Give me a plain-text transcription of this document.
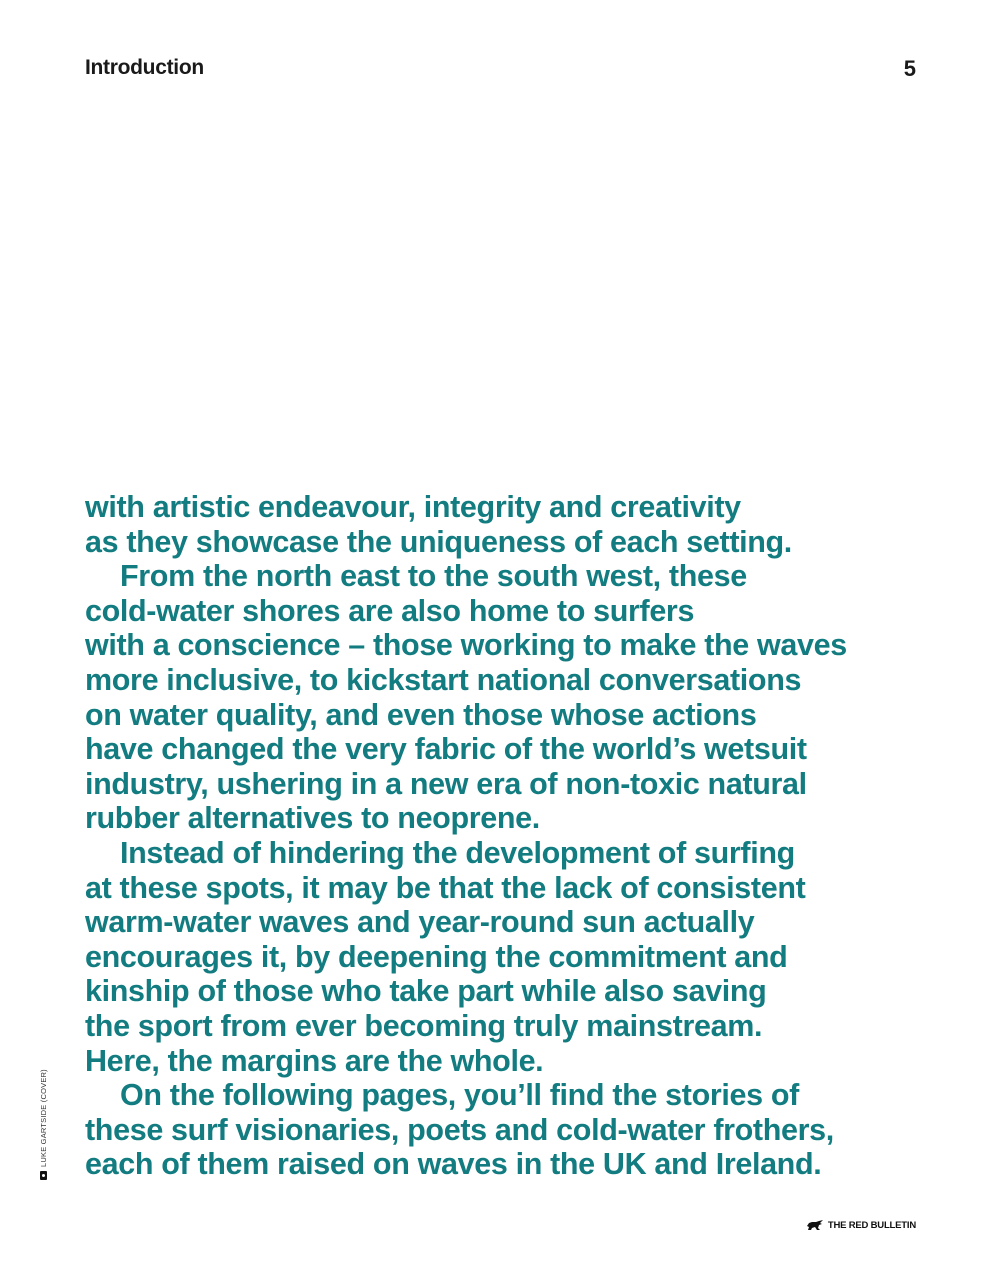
Introduction	5

with artistic endeavour, integrity and creativity
as they showcase the uniqueness of each setting.
From the north east to the south west, these
cold-water shores are also home to surfers
with a conscience – those working to make the waves
more inclusive, to kickstart national conversations
on water quality, and even those whose actions
have changed the very fabric of the world’s wetsuit
industry, ushering in a new era of non-toxic natural
rubber alternatives to neoprene.
Instead of hindering the development of surfing
at these spots, it may be that the lack of consistent
warm-water waves and year-round sun actually
encourages it, by deepening the commitment and
kinship of those who take part while also saving
the sport from ever becoming truly mainstream.
Here, the margins are the whole.
On the following pages, you’ll find the stories of
these surf visionaries, poets and cold-water frothers,
each of them raised on waves in the UK and Ireland.

LUKE GARTSIDE (COVER)
THE RED BULLETIN
